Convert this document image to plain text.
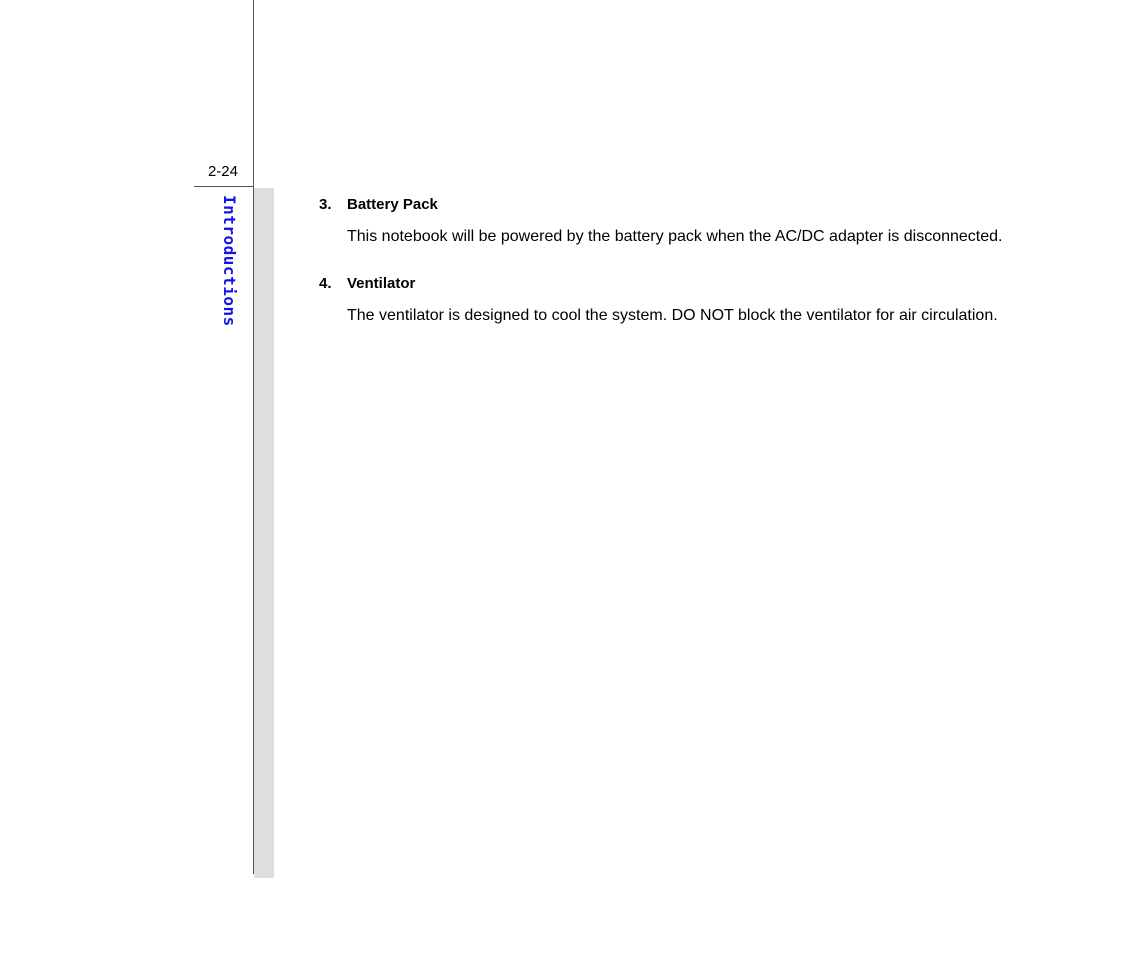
2-24
Introductions	3.	Battery Pack
This notebook will be powered by the battery pack when the AC/DC adapter is disconnected.
4.	Ventilator
The ventilator is designed to cool the system. DO NOT block the ventilator for air circulation.
